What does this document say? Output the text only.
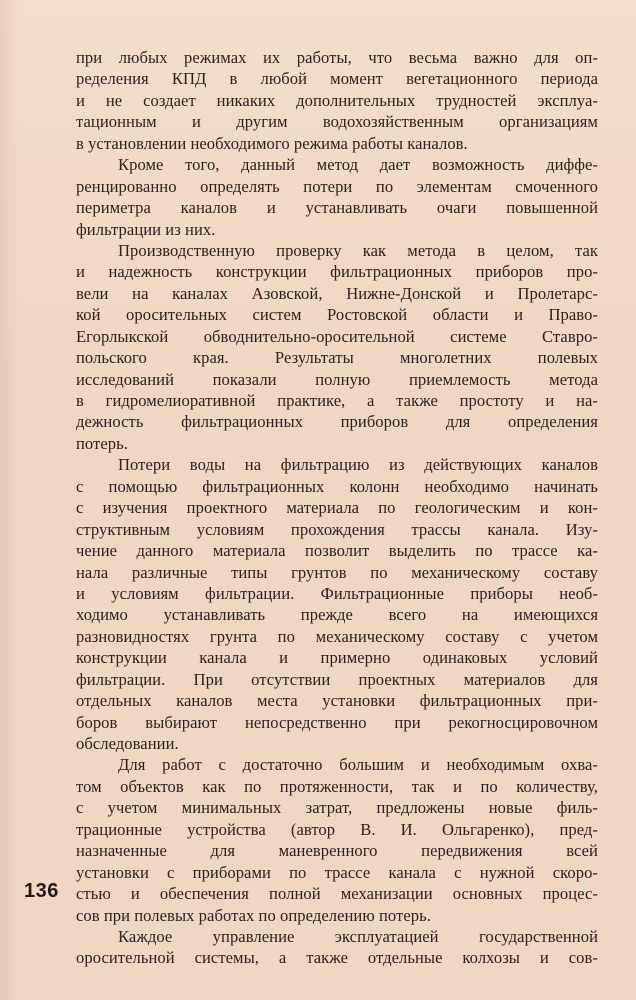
при любых режимах их работы, что весьма важно для оп-
ределения КПД в любой момент вегетационного периода
и не создает никаких дополнительных трудностей эксплуа-
тационным и другим водохозяйственным организациям
в установлении необходимого режима работы каналов.
Кроме того, данный метод дает возможность диффе-
ренцированно определять потери по элементам смоченного
периметра каналов и устанавливать очаги повышенной
фильтрации из них.
Производственную проверку как метода в целом, так
и надежность конструкции фильтрационных приборов про-
вели на каналах Азовской, Нижне-Донской и Пролетарс-
кой оросительных систем Ростовской области и Право-
Егорлыкской обводнительно-оросительной системе Ставро-
польского края. Результаты многолетних полевых
исследований показали полную приемлемость метода
в гидромелиоративной практике, а также простоту и на-
дежность фильтрационных приборов для определения
потерь.
Потери воды на фильтрацию из действующих каналов
с помощью фильтрационных колонн необходимо начинать
с изучения проектного материала по геологическим и кон-
структивным условиям прохождения трассы канала. Изу-
чение данного материала позволит выделить по трассе ка-
нала различные типы грунтов по механическому составу
и условиям фильтрации. Фильтрационные приборы необ-
ходимо устанавливать прежде всего на имеющихся
разновидностях грунта по механическому составу с учетом
конструкции канала и примерно одинаковых условий
фильтрации. При отсутствии проектных материалов для
отдельных каналов места установки фильтрационных при-
боров выбирают непосредственно при рекогносцировочном
обследовании.
Для работ с достаточно большим и необходимым охва-
том объектов как по протяженности, так и по количеству,
с учетом минимальных затрат, предложены новые филь-
трационные устройства (автор В. И. Ольгаренко), пред-
назначенные для маневренного передвижения всей
установки с приборами по трассе канала с нужной скоро-
стью и обеспечения полной механизации основных процес-
сов при полевых работах по определению потерь.
Каждое управление эксплуатацией государственной
оросительной системы, а также отдельные колхозы и сов-
136
